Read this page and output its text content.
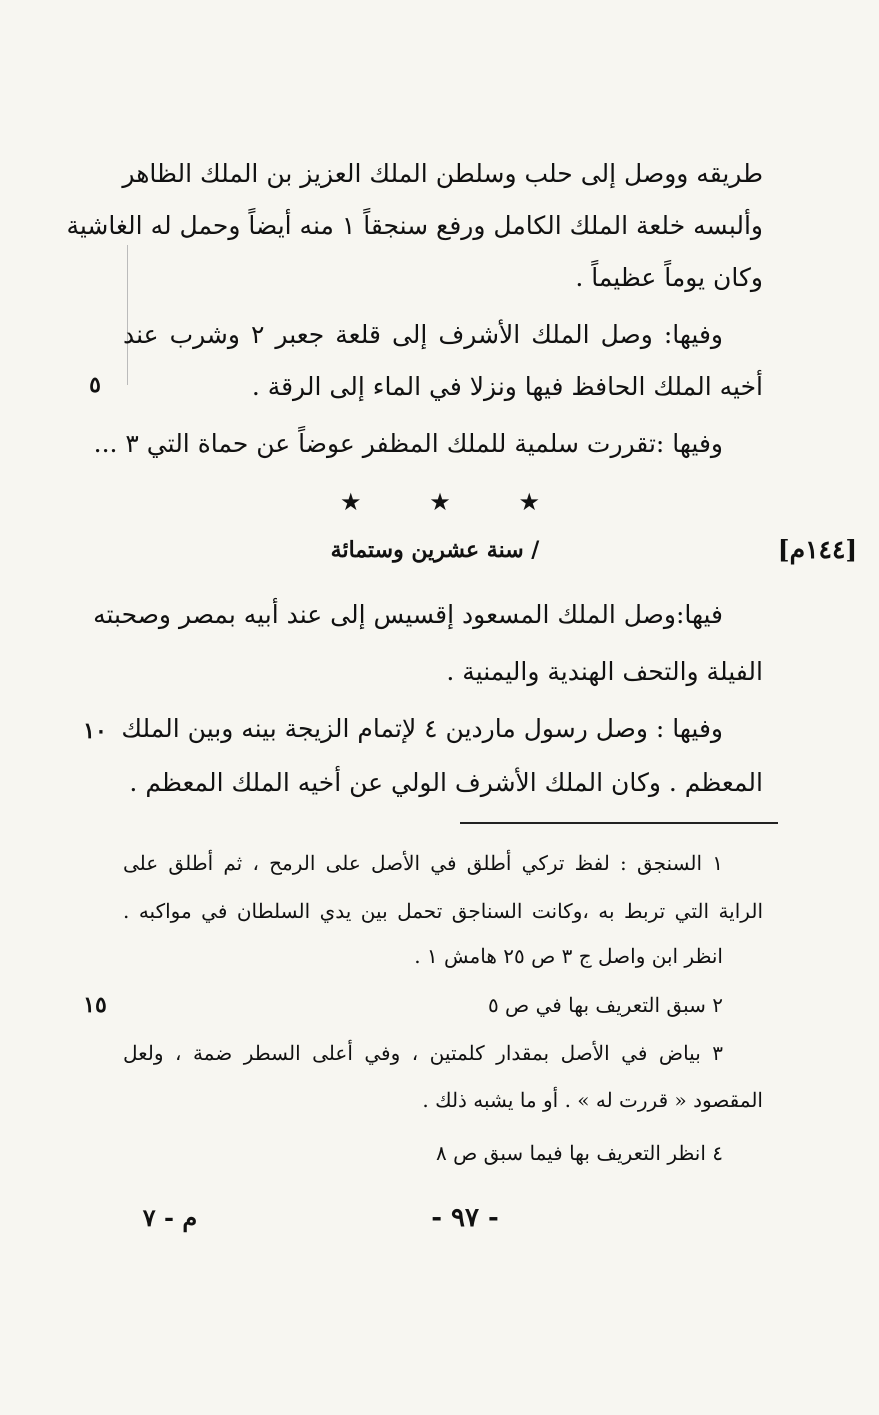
طريقه ووصل إلى حلب وسلطن الملك العزيز بن الملك الظاهر
وألبسه خلعة الملك الكامل ورفع سنجقاً ١ منه أيضاً وحمل له الغاشية
وكان يوماً عظيماً .
وفيها: وصل الملك الأشرف إلى قلعة جعبر ٢ وشرب عند
أخيه الملك الحافظ فيها ونزلا في الماء إلى الرقة .
وفيها :تقررت سلمية للملك المظفر عوضاً عن حماة التي ٣ ...
٥
★	★	★
/ سنة عشرين وستمائة	[١٤٤م]
فيها:وصل الملك المسعود إقسيس إلى عند أبيه بمصر وصحبته
الفيلة والتحف الهندية واليمنية .
وفيها : وصل رسول ماردين ٤ لإتمام الزيجة بينه وبين الملك
المعظم . وكان الملك الأشرف الولي عن أخيه الملك المعظم .
١٠
١ السنجق : لفظ تركي أطلق في الأصل على الرمح ، ثم أطلق على
الراية التي تربط به ،وكانت السناجق تحمل بين يدي السلطان في مواكبه .
انظر ابن واصل ج ٣ ص ٢٥ هامش ١ .
٢ سبق التعريف بها في ص ٥
٣ بياض في الأصل بمقدار كلمتين ، وفي أعلى السطر ضمة ، ولعل
المقصود « قررت له » . أو ما يشبه ذلك .
٤ انظر التعريف بها فيما سبق ص ٨
١٥
- ٩٧ -
م - ٧
